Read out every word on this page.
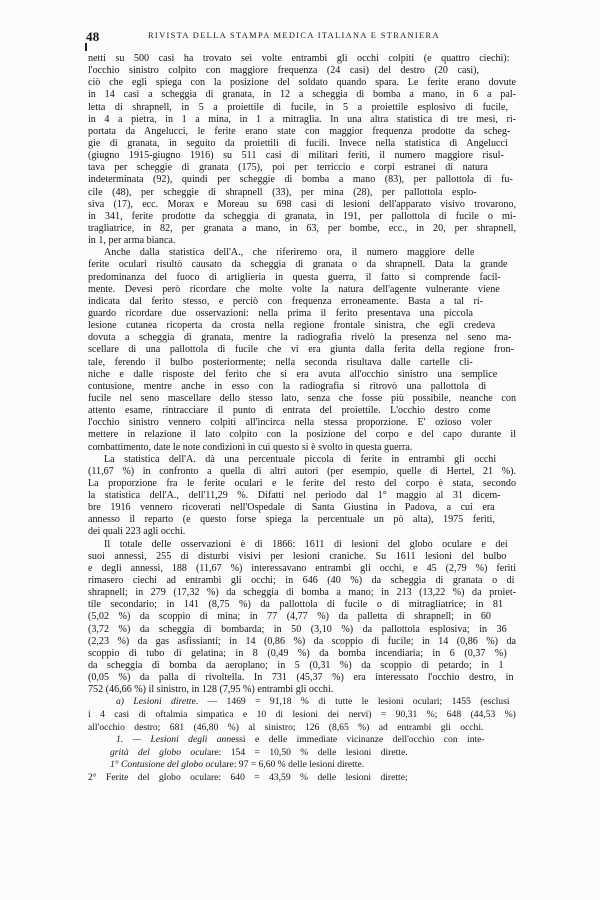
48	RIVISTA DELLA STAMPA MEDICA ITALIANA E STRANIERA
netti su 500 casi ha trovato sei volte entrambi gli occhi colpiti (e quattro ciechi):
l'occhio sinistro colpito con maggiore frequenza (24 casi) del destro (20 casi),
ciò che egli spiega con la posizione del soldato quando spara. Le ferite erano dovute
in 14 casi a scheggia di granata, in 12 a scheggia di bomba a mano, in 6 a pal-
letta di shrapnell, in 5 a proiettile di fucile, in 5 a proiettile esplosivo di fucile,
in 4 a pietra, in 1 a mina, in 1 a mitraglia. In una altra statistica di tre mesi, ri-
portata da Angelucci, le ferite erano state con maggior frequenza prodotte da scheg-
gie di granata, in seguito da proiettili di fucili. Invece nella statistica di Angelucci
(giugno 1915-giugno 1916) su 511 casi di militari feriti, il numero maggiore risul-
tava per scheggie di granata (175), poi per terriccio e corpi estranei di natura
indeterminata (92), quindi per scheggie di bomba a mano (83), per pallottola di fu-
cile (48), per scheggie di shrapnell (33), per mina (28), per pallottola esplo-
siva (17), ecc. Morax e Moreau su 698 casi di lesioni dell'apparato visivo trovarono,
in 341, ferite prodotte da scheggia di granata, in 191, per pallottola di fucile o mi-
tragliatrice, in 82, per granata a mano, in 63, per bombe, ecc., in 20, per shrapnell,
in 1, per arma bianca.
Anche dalla statistica dell'A., che riferiremo ora, il numero maggiore delle
ferite oculari risultò causato da scheggia di granata o da shrapnell. Data la grande
predominanza del fuoco di artiglieria in questa guerra, il fatto si comprende facil-
mente. Devesi però ricordare che molte volte la natura dell'agente vulnerante viene
indicata dal ferito stesso, e perciò con frequenza erroneamente. Basta a tal ri-
guardo ricordare due osservazioni: nella prima il ferito presentava una piccola
lesione cutanea ricoperta da crosta nella regione frontale sinistra, che egli credeva
dovuta a scheggia di granata, mentre la radiografia rivelò la presenza nel seno ma-
scellare di una pallottola di fucile che vi era giunta dalla ferita della regione fron-
tale, ferendo il bulbo posteriormente; nella seconda risultava dalle cartelle cli-
niche e dalle risposte del ferito che si era avuta all'occhio sinistro una semplice
contusione, mentre anche in esso con la radiografia si ritrovò una pallottola di
fucile nel seno mascellare dello stesso lato, senza che fosse più possibile, neanche con
attento esame, rintracciare il punto di entrata del proiettile. L'occhio destro come
l'occhio sinistro vennero colpiti all'incirca nella stessa proporzione. E' ozioso voler
mettere in relazione il lato colpito con la posizione del corpo e del capo durante il
combattimento, date le note condizioni in cui questo si è svolto in questa guerra.
La statistica dell'A. dà una percentuale piccola di ferite in entrambi gli occhi
(11,67 %) in confronto a quella di altri autori (per esempio, quelle di Hertel, 21 %).
La proporzione fra le ferite oculari e le ferite del resto del corpo è stata, secondo
la statistica dell'A., dell'11,29 %. Difatti nel periodo dal 1° maggio al 31 dicem-
bre 1916 vennero ricoverati nell'Ospedale di Santa Giustina in Padova, a cui era
annesso il reparto (e questo forse spiega la percentuale un pò alta), 1975 feriti,
dei quali 223 agli occhi.
Il totale delle osservazioni è di 1866: 1611 di lesioni del globo oculare e dei
suoi annessi, 255 di disturbi visivi per lesioni craniche. Su 1611 lesioni del bulbo
e degli annessi, 188 (11,67 %) interessavano entrambi gli occhi, e 45 (2,79 %) feriti
rimasero ciechi ad entrambi gli occhi; in 646 (40 %) da scheggia di granata o di
shrapnell; in 279 (17,32 %) da scheggia di bomba a mano; in 213 (13,22 %) da proiet-
tile secondario; in 141 (8,75 %) da pallottola di fucile o di mitragliatrice; in 81
(5,02 %) da scoppio di mina; in 77 (4,77 %) da palletta di shrapnell; in 60
(3,72 %) da scheggia di bombarda; in 50 (3,10 %) da pallottola esplosiva; in 36
(2,23 %) da gas asfissianti; in 14 (0,86 %) da scoppio di fucile; in 14 (0,86 %) da
scoppio di tubo di gelatina; in 8 (0,49 %) da bomba incendiaria; in 6 (0,37 %)
da scheggia di bomba da aeroplano; in 5 (0,31 %) da scoppio di petardo; in 1
(0,05 %) da palla di rivoltella. In 731 (45,37 %) era interessato l'occhio destro, in
752 (46,66 %) il sinistro, in 128 (7,95 %) entrambi gli occhi.
a) Lesioni dirette. — 1469 = 91,18 % di tutte le lesioni oculari; 1455 (esclusi
i 4 casi di oftalmia simpatica e 10 di lesioni dei nervi) = 90,31 %; 648 (44,53 %)
all'occhio destro; 681 (46,80 %) al sinistro; 126 (8,65 %) ad entrambi gli occhi.
1. — Lesioni degli annessi e delle immediate vicinanze dell'occhio con inte-
grità del globo oculare: 154 = 10,50 % delle lesioni dirette.
1° Contusione del globo oculare: 97 = 6,60 % delle lesioni dirette.
2° Ferite del globo oculare: 640 = 43,59 % delle lesioni dirette;
